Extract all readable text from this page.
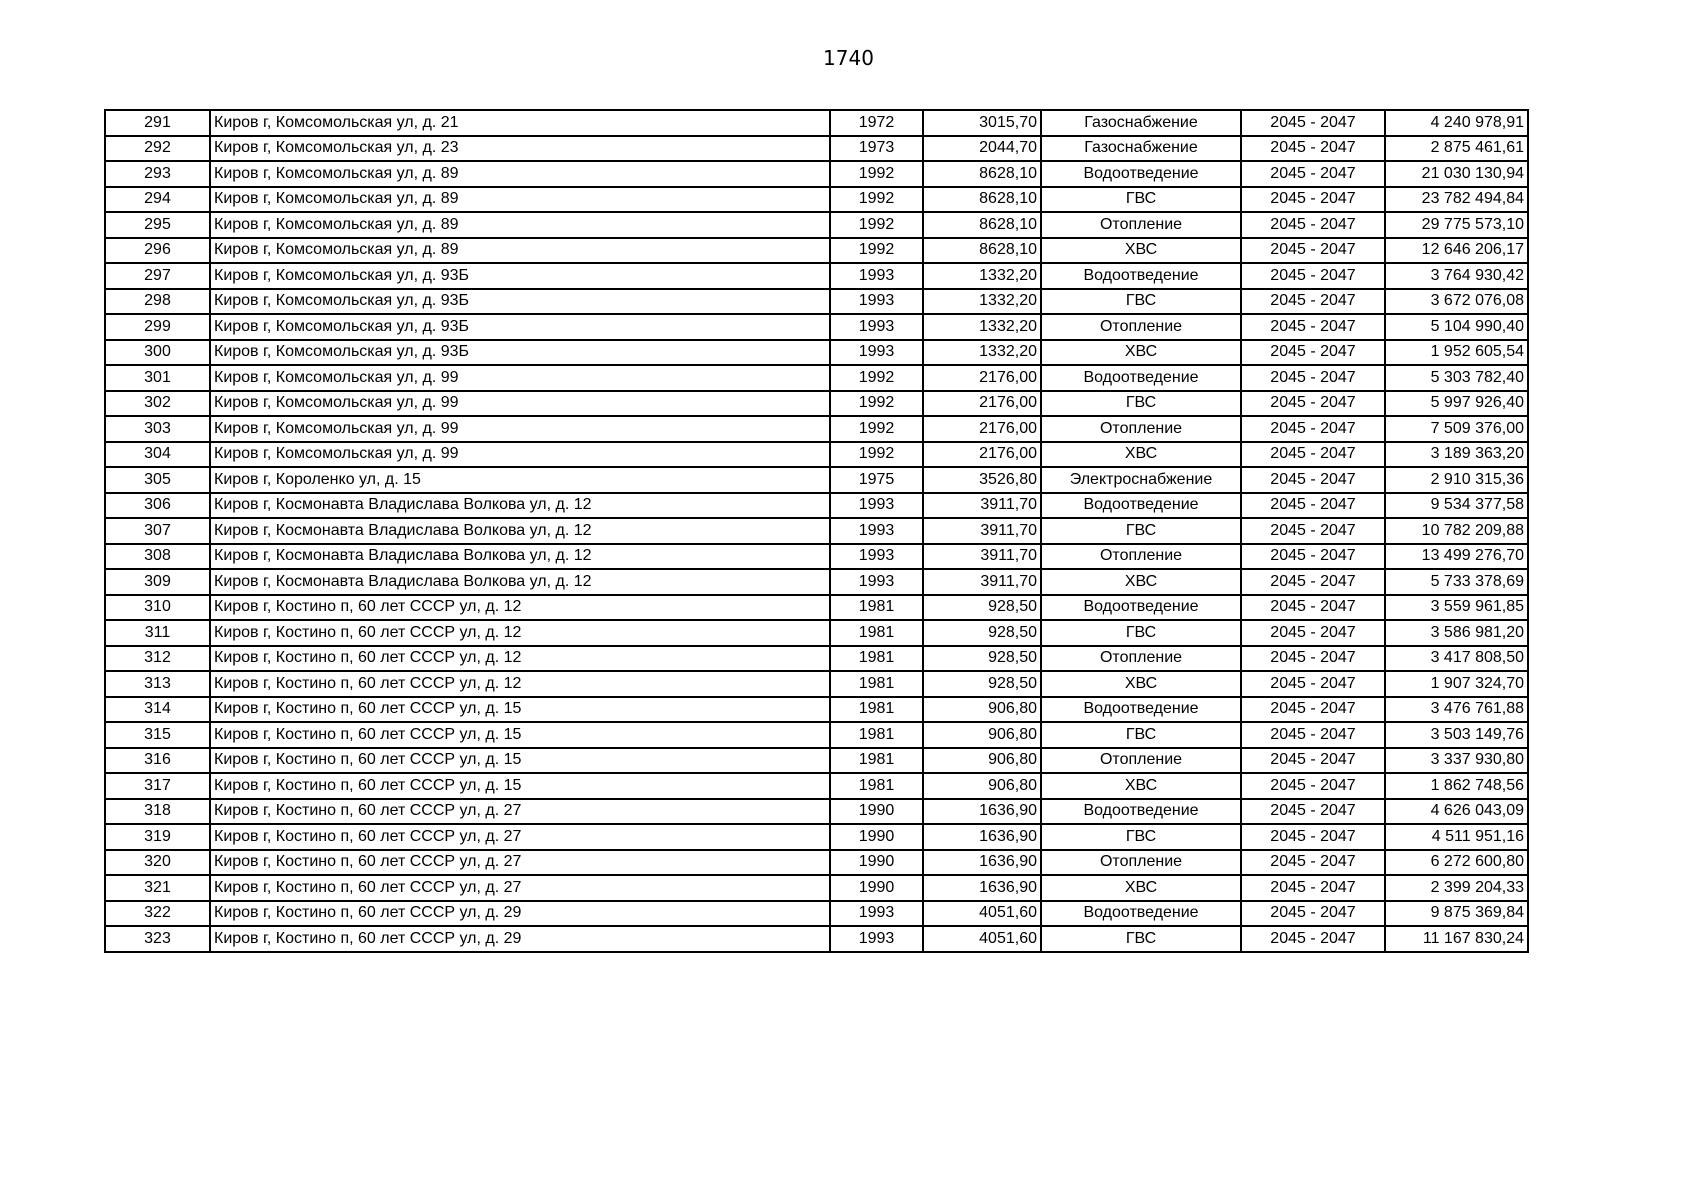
1740
291	Киров г, Комсомольская ул, д. 21	1972	3015,70	Газоснабжение	2045 - 2047	4 240 978,91
292	Киров г, Комсомольская ул, д. 23	1973	2044,70	Газоснабжение	2045 - 2047	2 875 461,61
293	Киров г, Комсомольская ул, д. 89	1992	8628,10	Водоотведение	2045 - 2047	21 030 130,94
294	Киров г, Комсомольская ул, д. 89	1992	8628,10	ГВС	2045 - 2047	23 782 494,84
295	Киров г, Комсомольская ул, д. 89	1992	8628,10	Отопление	2045 - 2047	29 775 573,10
296	Киров г, Комсомольская ул, д. 89	1992	8628,10	ХВС	2045 - 2047	12 646 206,17
297	Киров г, Комсомольская ул, д. 93Б	1993	1332,20	Водоотведение	2045 - 2047	3 764 930,42
298	Киров г, Комсомольская ул, д. 93Б	1993	1332,20	ГВС	2045 - 2047	3 672 076,08
299	Киров г, Комсомольская ул, д. 93Б	1993	1332,20	Отопление	2045 - 2047	5 104 990,40
300	Киров г, Комсомольская ул, д. 93Б	1993	1332,20	ХВС	2045 - 2047	1 952 605,54
301	Киров г, Комсомольская ул, д. 99	1992	2176,00	Водоотведение	2045 - 2047	5 303 782,40
302	Киров г, Комсомольская ул, д. 99	1992	2176,00	ГВС	2045 - 2047	5 997 926,40
303	Киров г, Комсомольская ул, д. 99	1992	2176,00	Отопление	2045 - 2047	7 509 376,00
304	Киров г, Комсомольская ул, д. 99	1992	2176,00	ХВС	2045 - 2047	3 189 363,20
305	Киров г, Короленко ул, д. 15	1975	3526,80	Электроснабжение	2045 - 2047	2 910 315,36
306	Киров г, Космонавта Владислава Волкова ул, д. 12	1993	3911,70	Водоотведение	2045 - 2047	9 534 377,58
307	Киров г, Космонавта Владислава Волкова ул, д. 12	1993	3911,70	ГВС	2045 - 2047	10 782 209,88
308	Киров г, Космонавта Владислава Волкова ул, д. 12	1993	3911,70	Отопление	2045 - 2047	13 499 276,70
309	Киров г, Космонавта Владислава Волкова ул, д. 12	1993	3911,70	ХВС	2045 - 2047	5 733 378,69
310	Киров г, Костино п, 60 лет СССР ул, д. 12	1981	928,50	Водоотведение	2045 - 2047	3 559 961,85
311	Киров г, Костино п, 60 лет СССР ул, д. 12	1981	928,50	ГВС	2045 - 2047	3 586 981,20
312	Киров г, Костино п, 60 лет СССР ул, д. 12	1981	928,50	Отопление	2045 - 2047	3 417 808,50
313	Киров г, Костино п, 60 лет СССР ул, д. 12	1981	928,50	ХВС	2045 - 2047	1 907 324,70
314	Киров г, Костино п, 60 лет СССР ул, д. 15	1981	906,80	Водоотведение	2045 - 2047	3 476 761,88
315	Киров г, Костино п, 60 лет СССР ул, д. 15	1981	906,80	ГВС	2045 - 2047	3 503 149,76
316	Киров г, Костино п, 60 лет СССР ул, д. 15	1981	906,80	Отопление	2045 - 2047	3 337 930,80
317	Киров г, Костино п, 60 лет СССР ул, д. 15	1981	906,80	ХВС	2045 - 2047	1 862 748,56
318	Киров г, Костино п, 60 лет СССР ул, д. 27	1990	1636,90	Водоотведение	2045 - 2047	4 626 043,09
319	Киров г, Костино п, 60 лет СССР ул, д. 27	1990	1636,90	ГВС	2045 - 2047	4 511 951,16
320	Киров г, Костино п, 60 лет СССР ул, д. 27	1990	1636,90	Отопление	2045 - 2047	6 272 600,80
321	Киров г, Костино п, 60 лет СССР ул, д. 27	1990	1636,90	ХВС	2045 - 2047	2 399 204,33
322	Киров г, Костино п, 60 лет СССР ул, д. 29	1993	4051,60	Водоотведение	2045 - 2047	9 875 369,84
323	Киров г, Костино п, 60 лет СССР ул, д. 29	1993	4051,60	ГВС	2045 - 2047	11 167 830,24
